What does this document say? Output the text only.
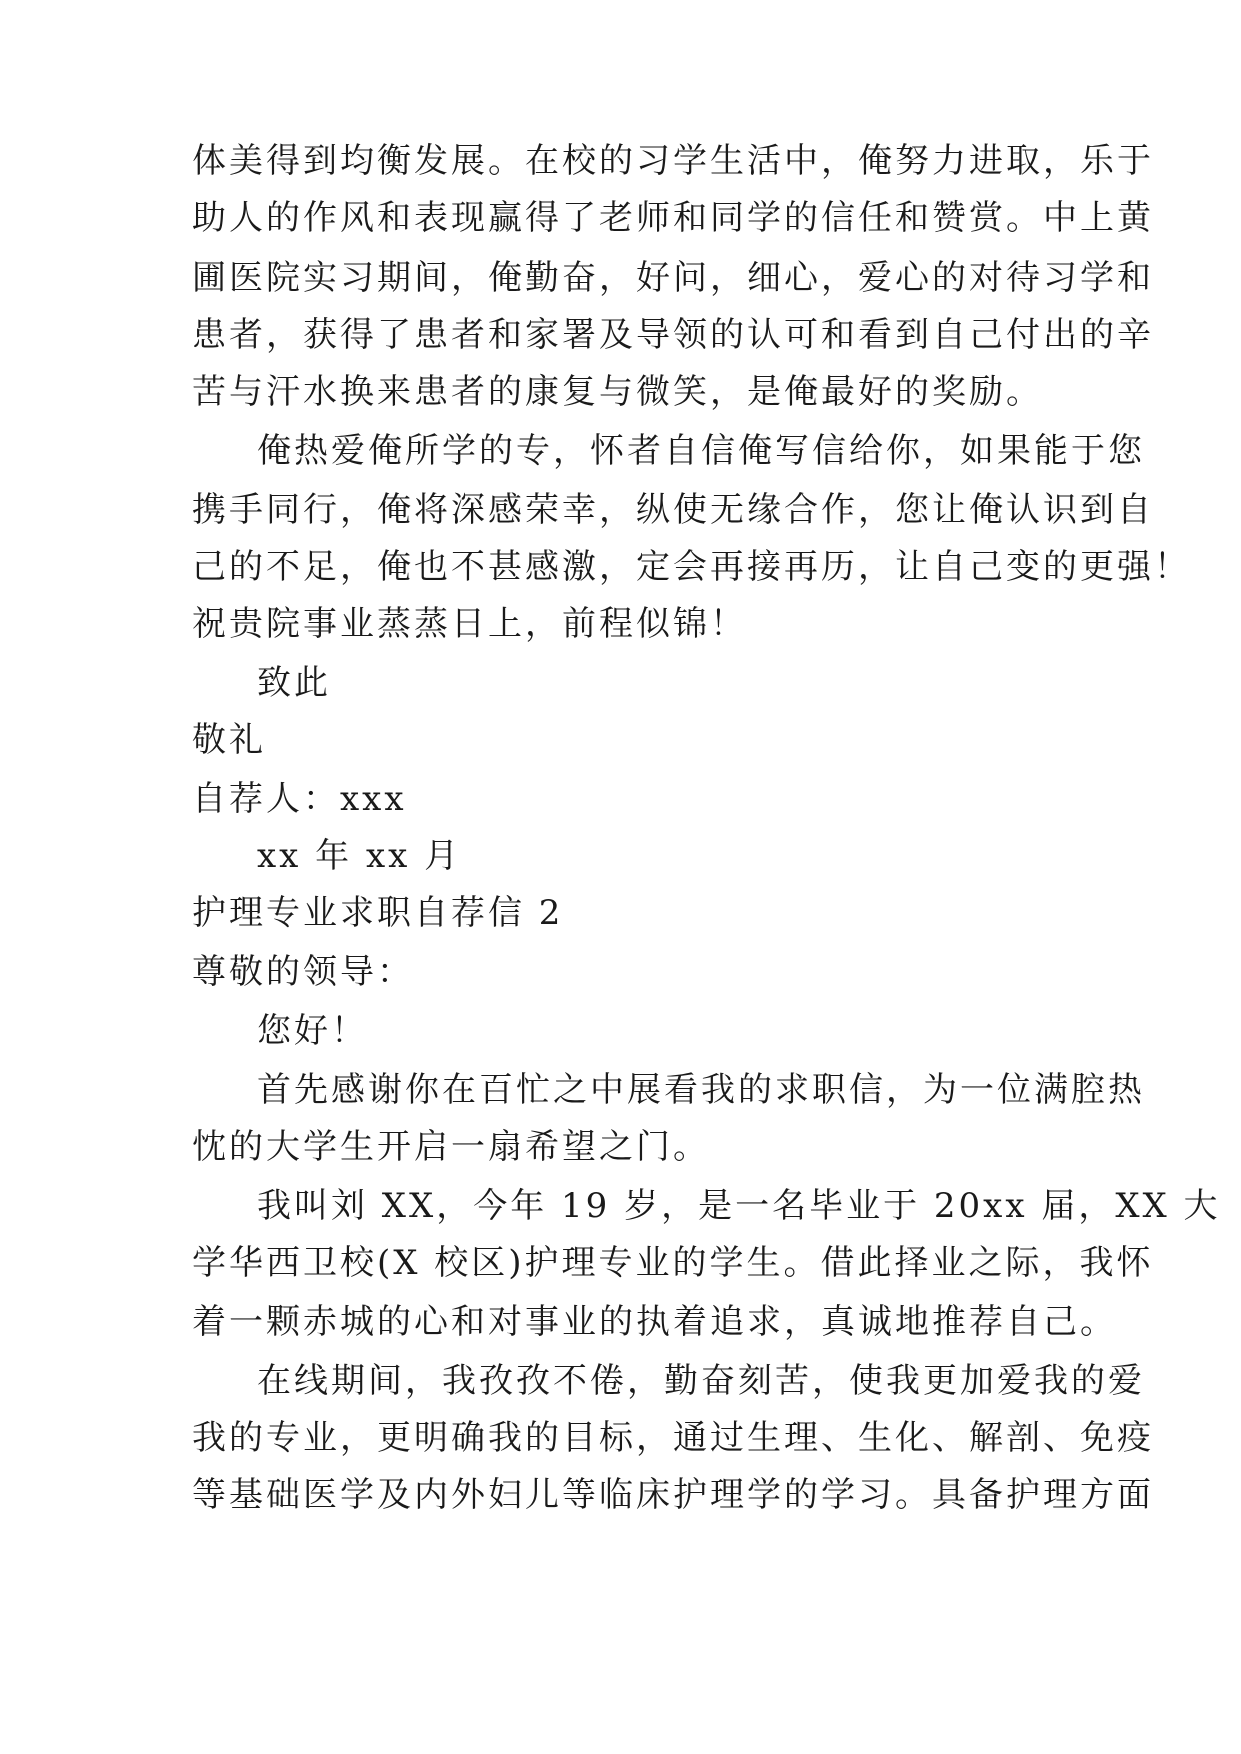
体美得到均衡发展。在校的习学生活中，俺努力进取，乐于
助人的作风和表现赢得了老师和同学的信任和赞赏。中上黄
圃医院实习期间，俺勤奋，好问，细心，爱心的对待习学和
患者，获得了患者和家署及导领的认可和看到自己付出的辛
苦与汗水换来患者的康复与微笑，是俺最好的奖励。
俺热爱俺所学的专，怀者自信俺写信给你，如果能于您
携手同行，俺将深感荣幸，纵使无缘合作，您让俺认识到自
己的不足，俺也不甚感激，定会再接再历，让自己变的更强！
祝贵院事业蒸蒸日上，前程似锦！
致此
敬礼
自荐人：xxx
xx 年 xx 月
护理专业求职自荐信 2
尊敬的领导：
您好！
首先感谢你在百忙之中展看我的求职信，为一位满腔热
忱的大学生开启一扇希望之门。
我叫刘 XX，今年 19 岁，是一名毕业于 20xx 届，XX 大
学华西卫校(X 校区)护理专业的学生。借此择业之际，我怀
着一颗赤城的心和对事业的执着追求，真诚地推荐自己。
在线期间，我孜孜不倦，勤奋刻苦，使我更加爱我的爱
我的专业，更明确我的目标，通过生理、生化、解剖、免疫
等基础医学及内外妇儿等临床护理学的学习。具备护理方面
